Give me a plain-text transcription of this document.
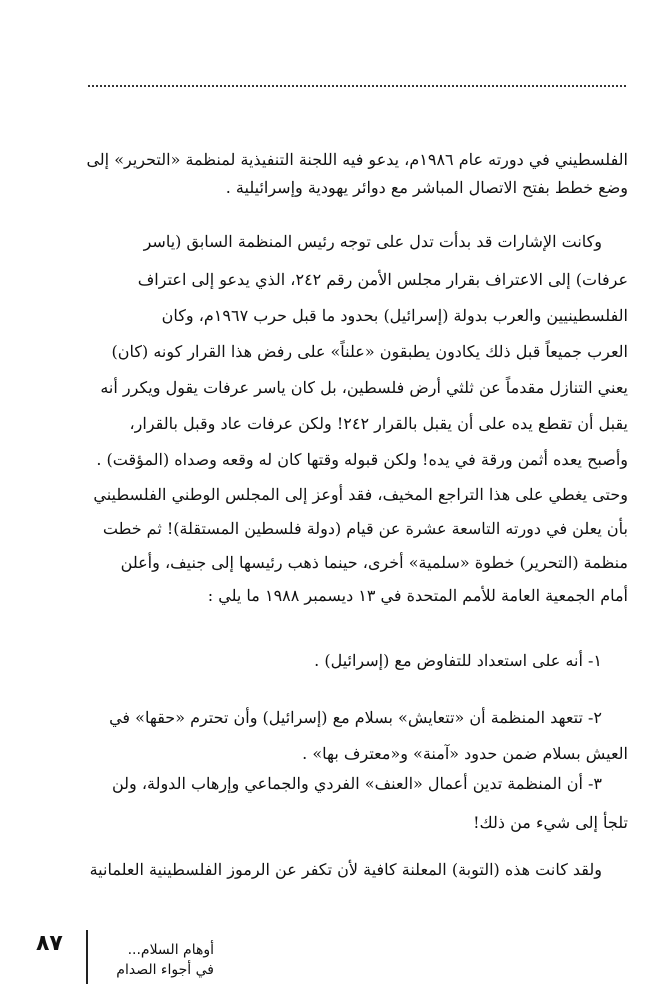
الفلسطيني في دورته عام ١٩٨٦م، يدعو فيه اللجنة التنفيذية لمنظمة «التحرير» إلى
وضع خطط بفتح الاتصال المباشر مع دوائر يهودية وإسرائيلية .
وكانت الإشارات قد بدأت تدل على توجه رئيس المنظمة السابق (ياسر
عرفات) إلى الاعتراف بقرار مجلس الأمن رقم ٢٤٢، الذي يدعو إلى اعتراف
الفلسطينيين والعرب بدولة (إسرائيل) بحدود ما قبل حرب ١٩٦٧م، وكان
العرب جميعاً قبل ذلك يكادون يطبقون «علناً» على رفض هذا القرار كونه (كان)
يعني التنازل مقدماً عن ثلثي أرض فلسطين، بل كان ياسر عرفات يقول ويكرر أنه
يقبل أن تقطع يده على أن يقبل بالقرار ٢٤٢! ولكن عرفات عاد وقبل بالقرار،
وأصبح يعده أثمن ورقة في يده! ولكن قبوله وقتها كان له وقعه وصداه (المؤقت) .
وحتى يغطي على هذا التراجع المخيف، فقد أوعز إلى المجلس الوطني الفلسطيني
بأن يعلن في دورته التاسعة عشرة عن قيام (دولة فلسطين المستقلة)! ثم خطت
منظمة (التحرير) خطوة «سلمية» أخرى، حينما ذهب رئيسها إلى جنيف، وأعلن
أمام الجمعية العامة للأمم المتحدة في ١٣ ديسمبر ١٩٨٨ ما يلي :
١- أنه على استعداد للتفاوض مع (إسرائيل) .
٢- تتعهد المنظمة أن «تتعايش» بسلام مع (إسرائيل) وأن تحترم «حقها» في
العيش بسلام ضمن حدود «آمنة» و«معترف بها» .
٣- أن المنظمة تدين أعمال «العنف» الفردي والجماعي وإرهاب الدولة، ولن
تلجأ إلى شيء من ذلك!
ولقد كانت هذه (التوبة) المعلنة كافية لأن تكفر عن الرموز الفلسطينية العلمانية
٨٧	أوهام السلام...
في أجواء الصدام
